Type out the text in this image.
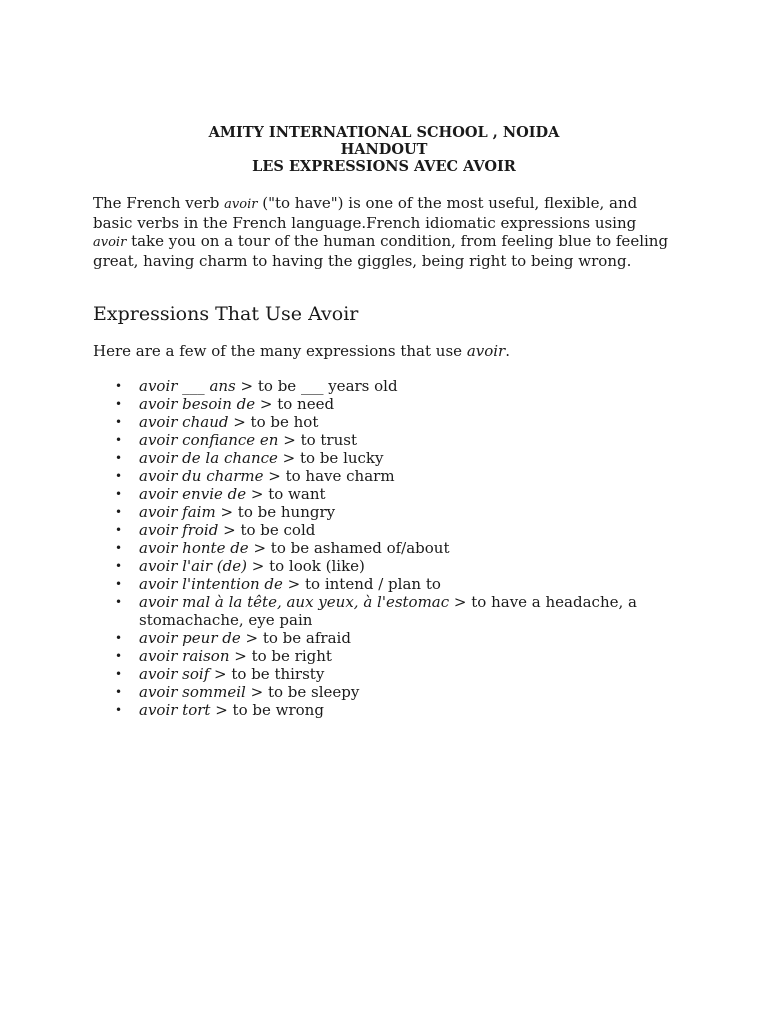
AMITY INTERNATIONAL SCHOOL , NOIDA
HANDOUT
LES EXPRESSIONS AVEC AVOIR

The French verb avoir ("to have") is one of the most useful, flexible, and basic verbs in the French language.French idiomatic expressions using avoir take you on a tour of the human condition, from feeling blue to feeling great, having charm to having the giggles, being right to being wrong.

Expressions That Use Avoir
Here are a few of the many expressions that use avoir.
• avoir ___ ans > to be ___ years old
• avoir besoin de > to need
• avoir chaud > to be hot
• avoir confiance en > to trust
• avoir de la chance > to be lucky
• avoir du charme > to have charm
• avoir envie de > to want
• avoir faim > to be hungry
• avoir froid > to be cold
• avoir honte de > to be ashamed of/about
• avoir l'air (de) > to look (like)
• avoir l'intention de > to intend / plan to
• avoir mal à la tête, aux yeux, à l'estomac > to have a headache, a stomachache, eye pain
• avoir peur de > to be afraid
• avoir raison > to be right
• avoir soif > to be thirsty
• avoir sommeil > to be sleepy
• avoir tort > to be wrong
